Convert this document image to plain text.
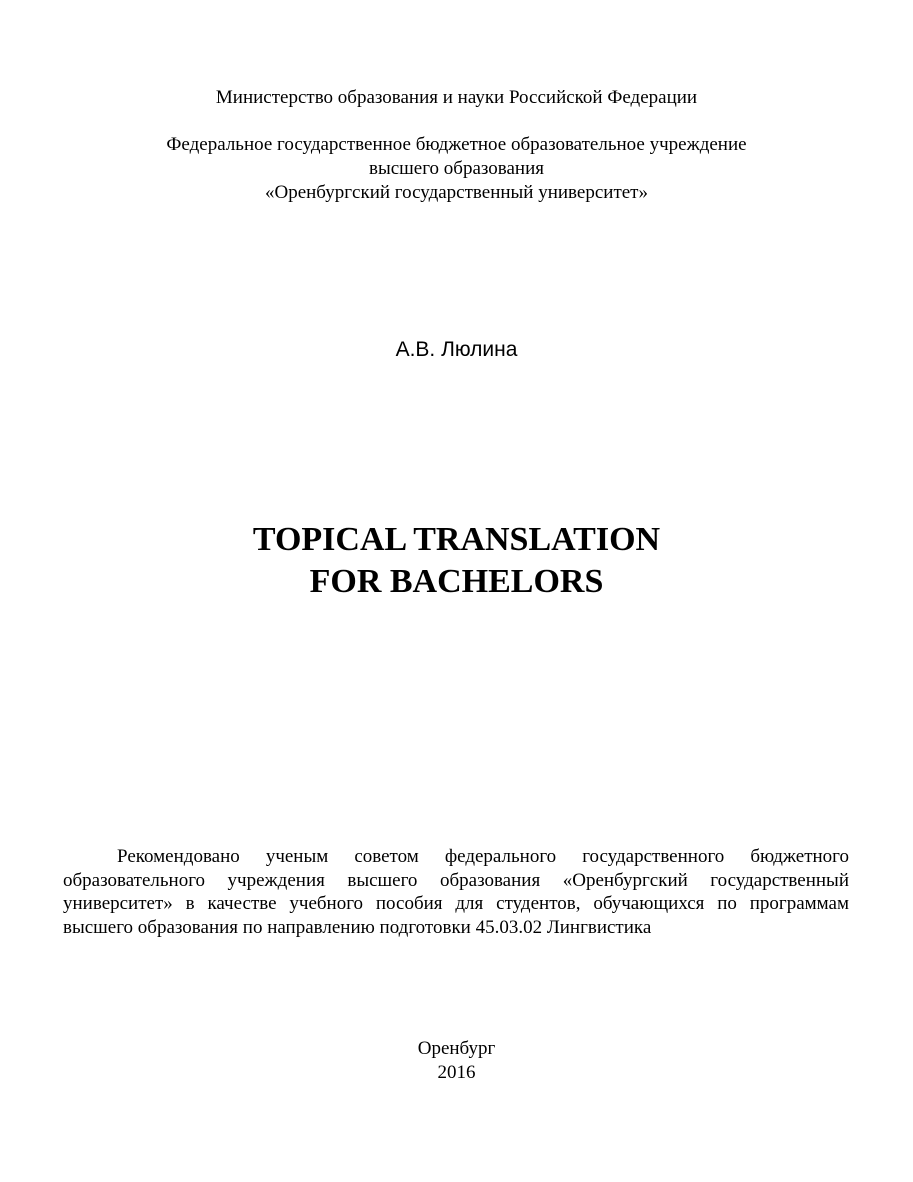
Министерство образования и науки Российской Федерации
Федеральное государственное бюджетное образовательное учреждение
высшего образования
«Оренбургский государственный университет»
А.В. Люлина
TOPICAL TRANSLATION
FOR BACHELORS

Рекомендовано ученым советом федерального государственного бюджетного образовательного учреждения высшего образования «Оренбургский государственный университет» в качестве учебного пособия для студентов, обучающихся по программам высшего образования по направлению подготовки 45.03.02 Лингвистика

Оренбург
2016
